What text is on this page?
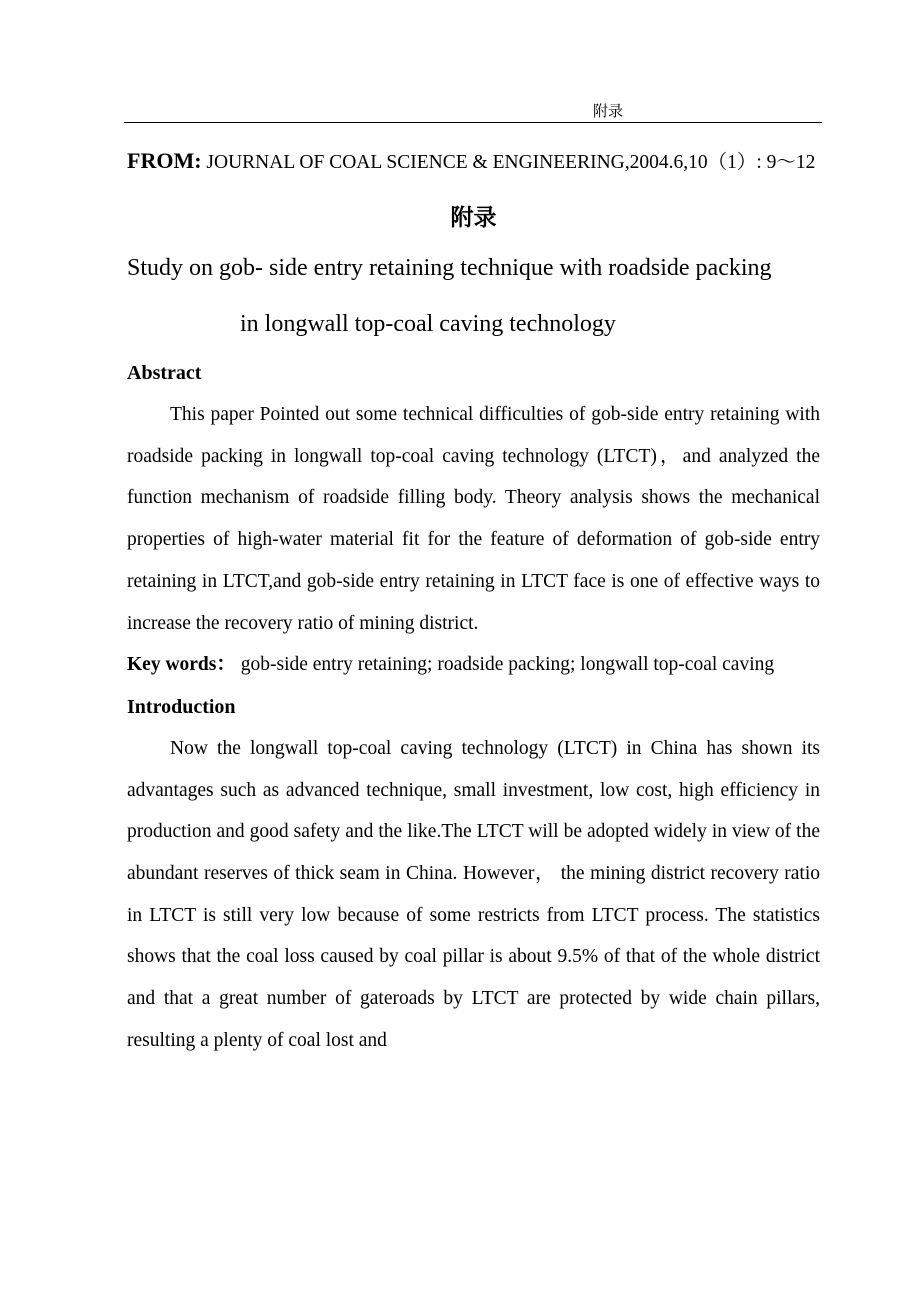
附录

FROM: JOURNAL OF COAL SCIENCE & ENGINEERING,2004.6,10（1）: 9～12

附录

Study on gob- side entry retaining technique with roadside packing
in longwall top-coal caving technology

Abstract

This paper Pointed out some technical difficulties of gob-side entry retaining with roadside packing in longwall top-coal caving technology (LTCT)，and analyzed the function mechanism of roadside filling body. Theory analysis shows the mechanical properties of high-water material fit for the feature of deformation of gob-side entry retaining in LTCT,and gob-side entry retaining in LTCT face is one of effective ways to increase the recovery ratio of mining district.

Key words： gob-side entry retaining; roadside packing; longwall top-coal caving

Introduction

Now the longwall top-coal caving technology (LTCT) in China has shown its advantages such as advanced technique, small investment, low cost, high efficiency in production and good safety and the like.The LTCT will be adopted widely in view of the abundant reserves of thick seam in China. However， the mining district recovery ratio in LTCT is still very low because of some restricts from LTCT process. The statistics shows that the coal loss caused by coal pillar is about 9.5% of that of the whole district and that a great number of gateroads by LTCT are protected by wide chain pillars, resulting a plenty of coal lost and
